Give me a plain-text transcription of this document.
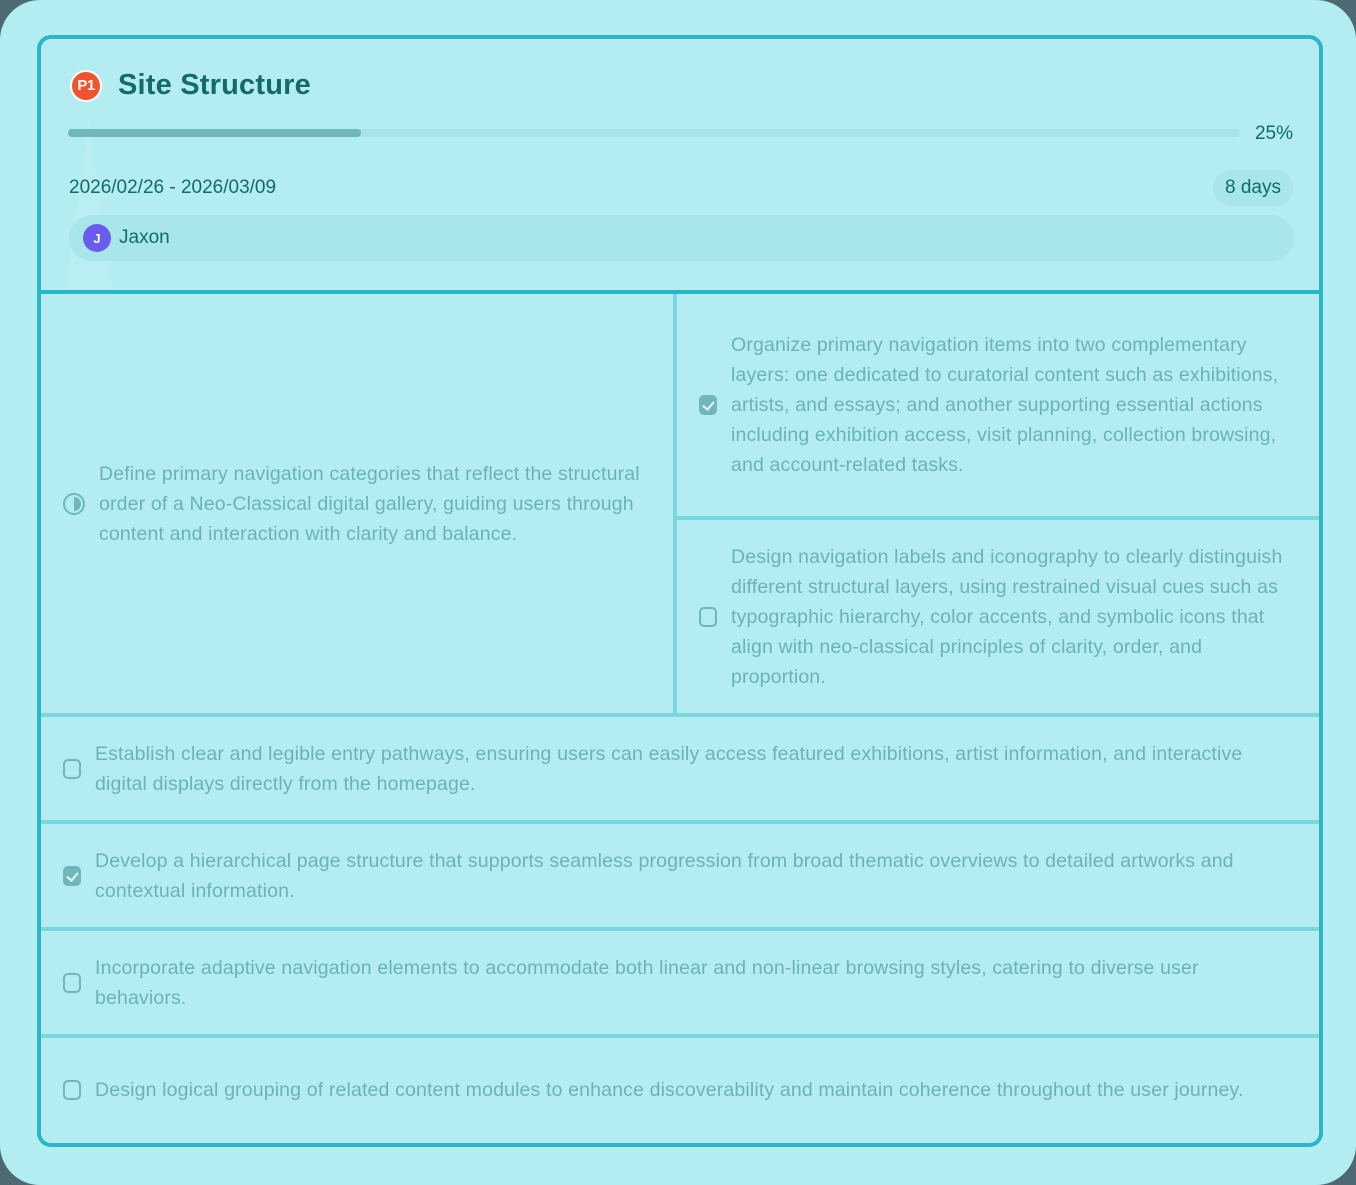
P1 Site Structure
25%
2026/02/26 - 2026/03/09	8 days
J Jaxon
Define primary navigation categories that reflect the structural order of a Neo-Classical digital gallery, guiding users through content and interaction with clarity and balance.
Organize primary navigation items into two complementary layers: one dedicated to curatorial content such as exhibitions, artists, and essays; and another supporting essential actions including exhibition access, visit planning, collection browsing, and account-related tasks.
Design navigation labels and iconography to clearly distinguish different structural layers, using restrained visual cues such as typographic hierarchy, color accents, and symbolic icons that align with neo-classical principles of clarity, order, and proportion.
Establish clear and legible entry pathways, ensuring users can easily access featured exhibitions, artist information, and interactive digital displays directly from the homepage.
Develop a hierarchical page structure that supports seamless progression from broad thematic overviews to detailed artworks and contextual information.
Incorporate adaptive navigation elements to accommodate both linear and non-linear browsing styles, catering to diverse user behaviors.
Design logical grouping of related content modules to enhance discoverability and maintain coherence throughout the user journey.
